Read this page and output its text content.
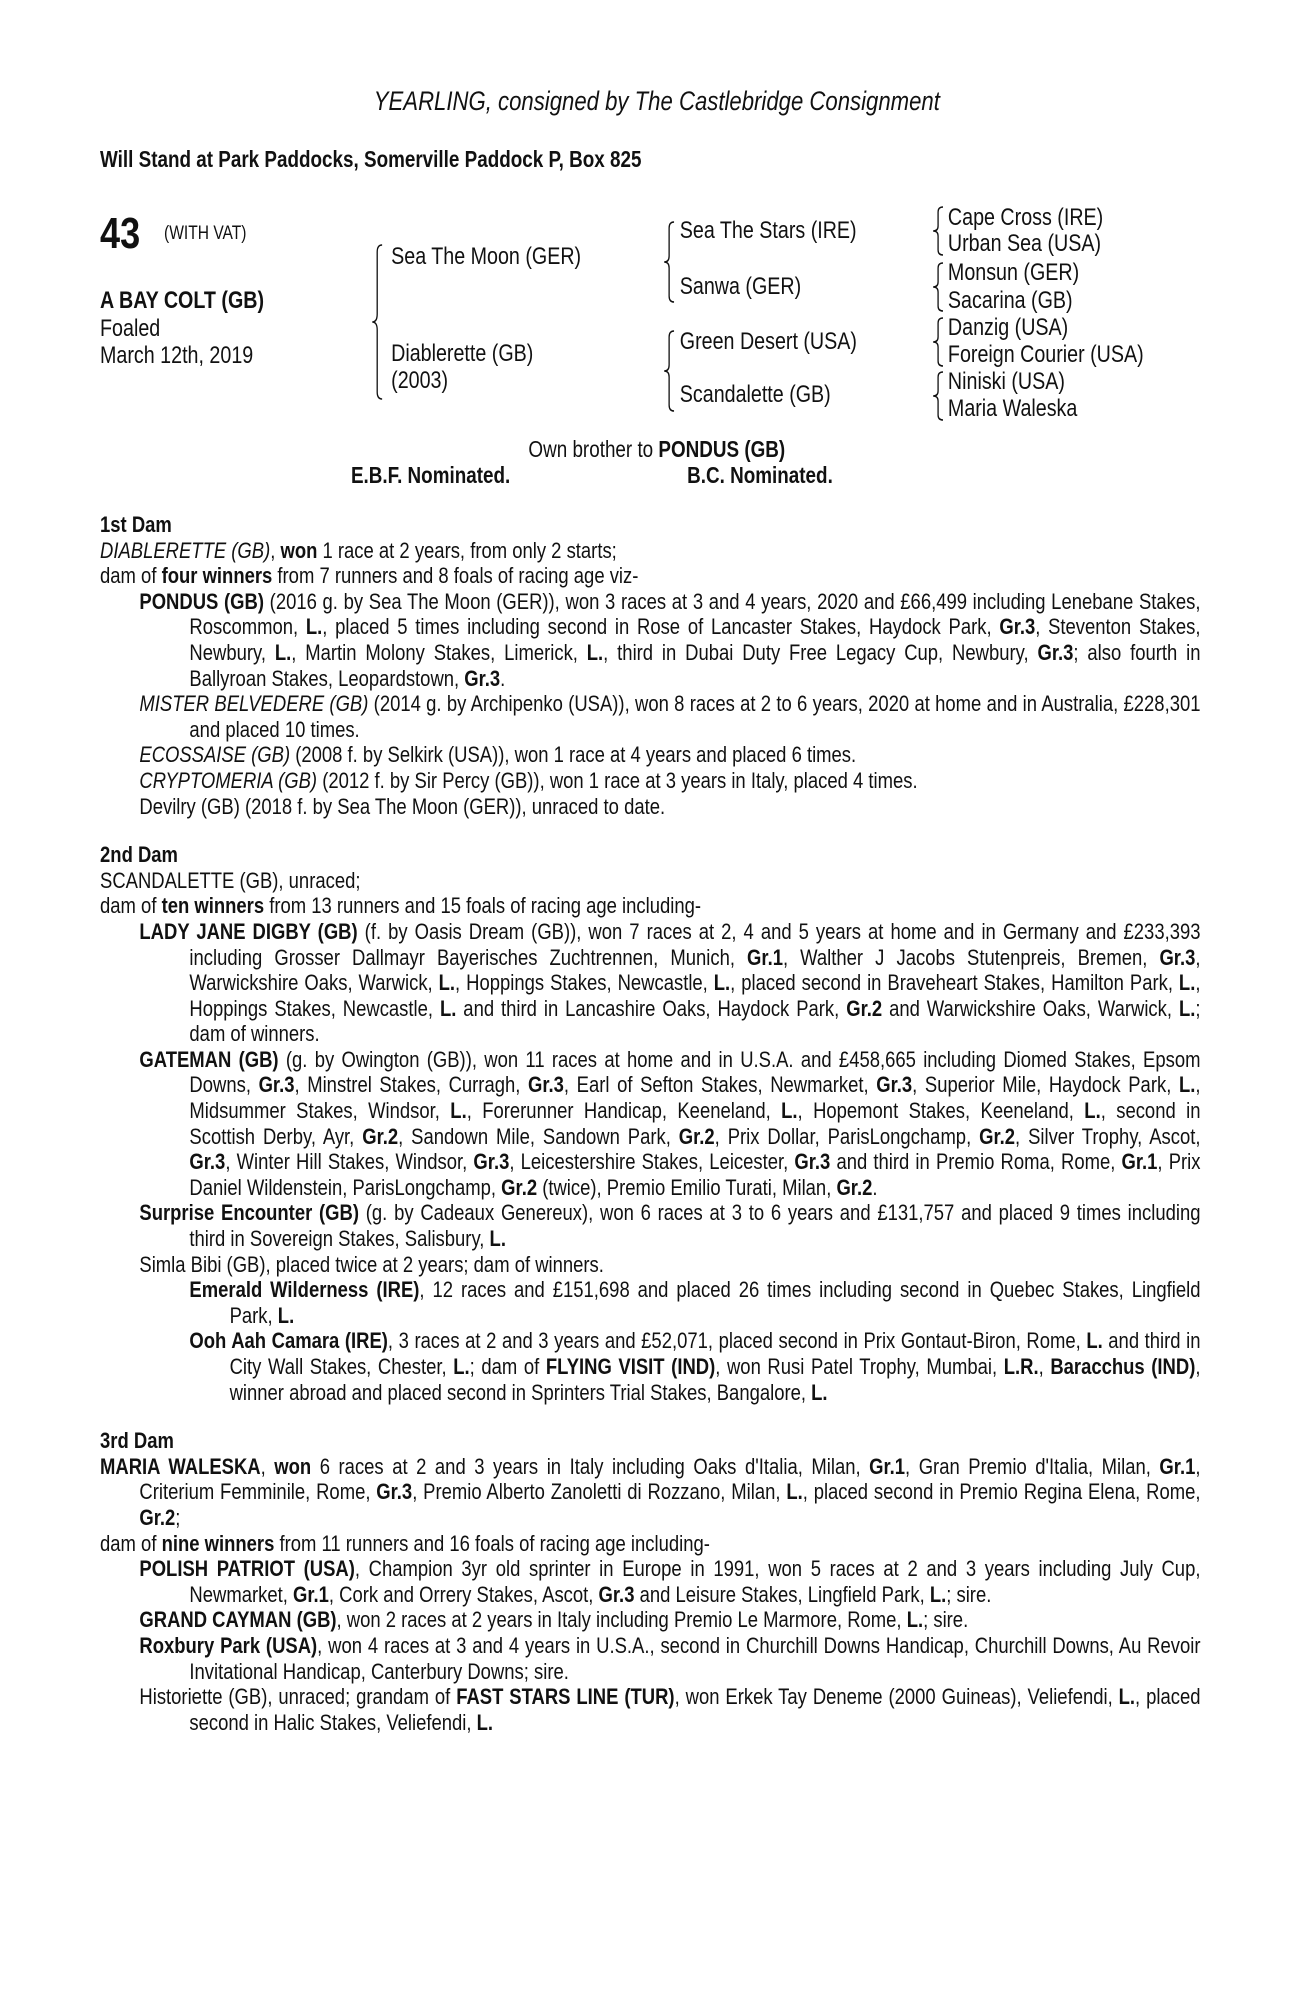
YEARLING, consigned by The Castlebridge Consignment
Will Stand at Park Paddocks, Somerville Paddock P, Box 825
43 (WITH VAT)
A BAY COLT (GB)
Foaled
March 12th, 2019
Sea The Moon (GER)
Diablerette (GB)
(2003)
Sea The Stars (IRE)
Sanwa (GER)
Green Desert (USA)
Scandalette (GB)
Cape Cross (IRE)
Urban Sea (USA)
Monsun (GER)
Sacarina (GB)
Danzig (USA)
Foreign Courier (USA)
Niniski (USA)
Maria Waleska
Own brother to PONDUS (GB)
E.B.F. Nominated.	B.C. Nominated.
1st Dam
DIABLERETTE (GB), won 1 race at 2 years, from only 2 starts;
dam of four winners from 7 runners and 8 foals of racing age viz-
PONDUS (GB) (2016 g. by Sea The Moon (GER)), won 3 races at 3 and 4 years, 2020 and £66,499 including Lenebane Stakes, Roscommon, L., placed 5 times including second in Rose of Lancaster Stakes, Haydock Park, Gr.3, Steventon Stakes, Newbury, L., Martin Molony Stakes, Limerick, L., third in Dubai Duty Free Legacy Cup, Newbury, Gr.3; also fourth in Ballyroan Stakes, Leopardstown, Gr.3.
MISTER BELVEDERE (GB) (2014 g. by Archipenko (USA)), won 8 races at 2 to 6 years, 2020 at home and in Australia, £228,301 and placed 10 times.
ECOSSAISE (GB) (2008 f. by Selkirk (USA)), won 1 race at 4 years and placed 6 times.
CRYPTOMERIA (GB) (2012 f. by Sir Percy (GB)), won 1 race at 3 years in Italy, placed 4 times.
Devilry (GB) (2018 f. by Sea The Moon (GER)), unraced to date.
2nd Dam
SCANDALETTE (GB), unraced;
dam of ten winners from 13 runners and 15 foals of racing age including-
LADY JANE DIGBY (GB) (f. by Oasis Dream (GB)), won 7 races at 2, 4 and 5 years at home and in Germany and £233,393 including Grosser Dallmayr Bayerisches Zuchtrennen, Munich, Gr.1, Walther J Jacobs Stutenpreis, Bremen, Gr.3, Warwickshire Oaks, Warwick, L., Hoppings Stakes, Newcastle, L., placed second in Braveheart Stakes, Hamilton Park, L., Hoppings Stakes, Newcastle, L. and third in Lancashire Oaks, Haydock Park, Gr.2 and Warwickshire Oaks, Warwick, L.; dam of winners.
GATEMAN (GB) (g. by Owington (GB)), won 11 races at home and in U.S.A. and £458,665 including Diomed Stakes, Epsom Downs, Gr.3, Minstrel Stakes, Curragh, Gr.3, Earl of Sefton Stakes, Newmarket, Gr.3, Superior Mile, Haydock Park, L., Midsummer Stakes, Windsor, L., Forerunner Handicap, Keeneland, L., Hopemont Stakes, Keeneland, L., second in Scottish Derby, Ayr, Gr.2, Sandown Mile, Sandown Park, Gr.2, Prix Dollar, ParisLongchamp, Gr.2, Silver Trophy, Ascot, Gr.3, Winter Hill Stakes, Windsor, Gr.3, Leicestershire Stakes, Leicester, Gr.3 and third in Premio Roma, Rome, Gr.1, Prix Daniel Wildenstein, ParisLongchamp, Gr.2 (twice), Premio Emilio Turati, Milan, Gr.2.
Surprise Encounter (GB) (g. by Cadeaux Genereux), won 6 races at 3 to 6 years and £131,757 and placed 9 times including third in Sovereign Stakes, Salisbury, L.
Simla Bibi (GB), placed twice at 2 years; dam of winners.
Emerald Wilderness (IRE), 12 races and £151,698 and placed 26 times including second in Quebec Stakes, Lingfield Park, L.
Ooh Aah Camara (IRE), 3 races at 2 and 3 years and £52,071, placed second in Prix Gontaut-Biron, Rome, L. and third in City Wall Stakes, Chester, L.; dam of FLYING VISIT (IND), won Rusi Patel Trophy, Mumbai, L.R., Baracchus (IND), winner abroad and placed second in Sprinters Trial Stakes, Bangalore, L.
3rd Dam
MARIA WALESKA, won 6 races at 2 and 3 years in Italy including Oaks d'Italia, Milan, Gr.1, Gran Premio d'Italia, Milan, Gr.1, Criterium Femminile, Rome, Gr.3, Premio Alberto Zanoletti di Rozzano, Milan, L., placed second in Premio Regina Elena, Rome, Gr.2;
dam of nine winners from 11 runners and 16 foals of racing age including-
POLISH PATRIOT (USA), Champion 3yr old sprinter in Europe in 1991, won 5 races at 2 and 3 years including July Cup, Newmarket, Gr.1, Cork and Orrery Stakes, Ascot, Gr.3 and Leisure Stakes, Lingfield Park, L.; sire.
GRAND CAYMAN (GB), won 2 races at 2 years in Italy including Premio Le Marmore, Rome, L.; sire.
Roxbury Park (USA), won 4 races at 3 and 4 years in U.S.A., second in Churchill Downs Handicap, Churchill Downs, Au Revoir Invitational Handicap, Canterbury Downs; sire.
Historiette (GB), unraced; grandam of FAST STARS LINE (TUR), won Erkek Tay Deneme (2000 Guineas), Veliefendi, L., placed second in Halic Stakes, Veliefendi, L.
